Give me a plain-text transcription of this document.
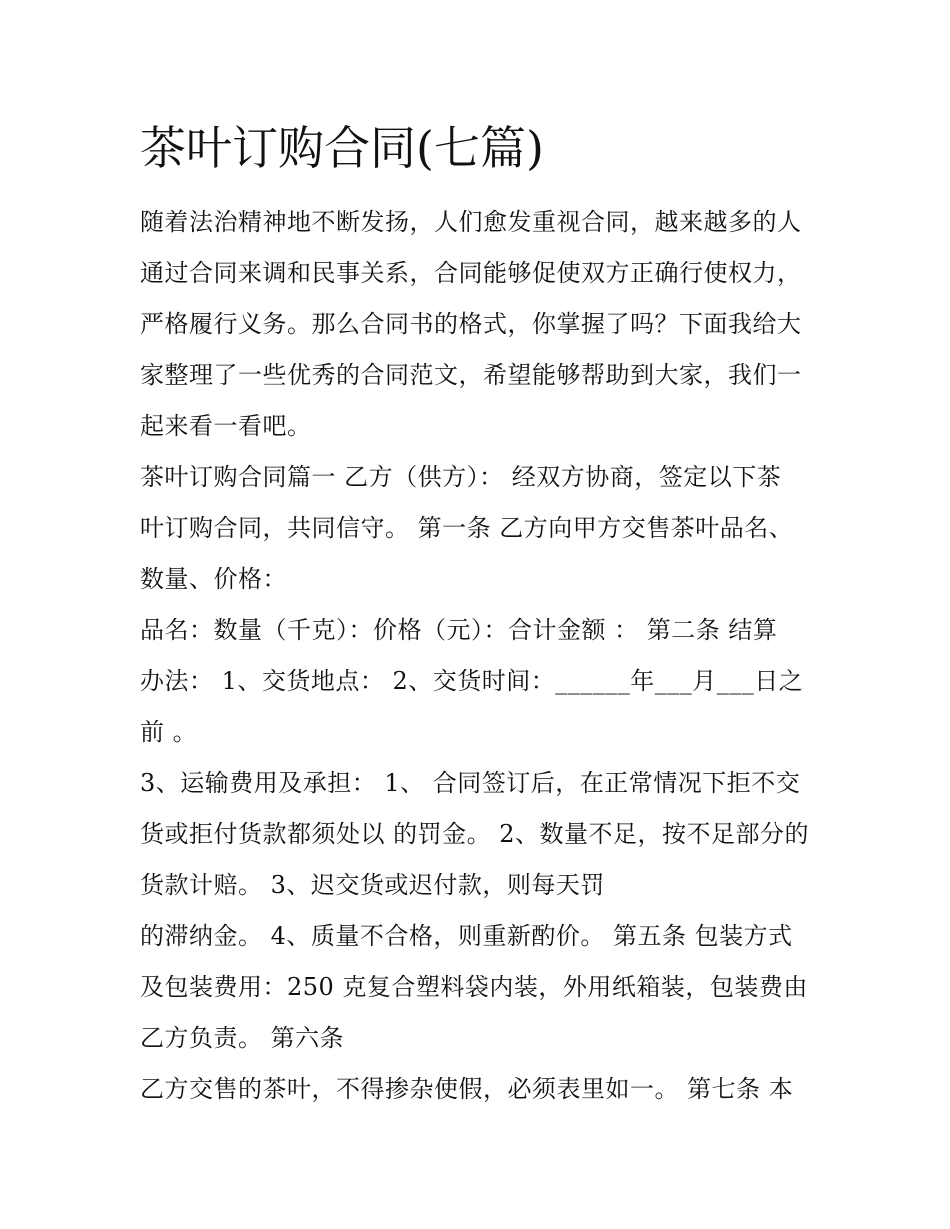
茶叶订购合同(七篇)

随着法治精神地不断发扬，人们愈发重视合同，越来越多的人

通过合同来调和民事关系，合同能够促使双方正确行使权力，

严格履行义务。那么合同书的格式，你掌握了吗？下面我给大

家整理了一些优秀的合同范文，希望能够帮助到大家，我们一

起来看一看吧。

茶叶订购合同篇一 乙方（供方）： 经双方协商，签定以下茶

叶订购合同，共同信守。 第一条 乙方向甲方交售茶叶品名、

数量、价格：

品名：数量（千克）：价格（元）：合计金额 ： 第二条 结算

办法： 1、交货地点： 2、交货时间：______年___月___日之

前 。

3、运输费用及承担： 1、 合同签订后，在正常情况下拒不交

货或拒付货款都须处以 的罚金。 2、数量不足，按不足部分的

货款计赔。 3、迟交货或迟付款，则每天罚

的滞纳金。 4、质量不合格，则重新酌价。 第五条 包装方式

及包装费用：250 克复合塑料袋内装，外用纸箱装，包装费由

乙方负责。 第六条

乙方交售的茶叶，不得掺杂使假，必须表里如一。 第七条 本
